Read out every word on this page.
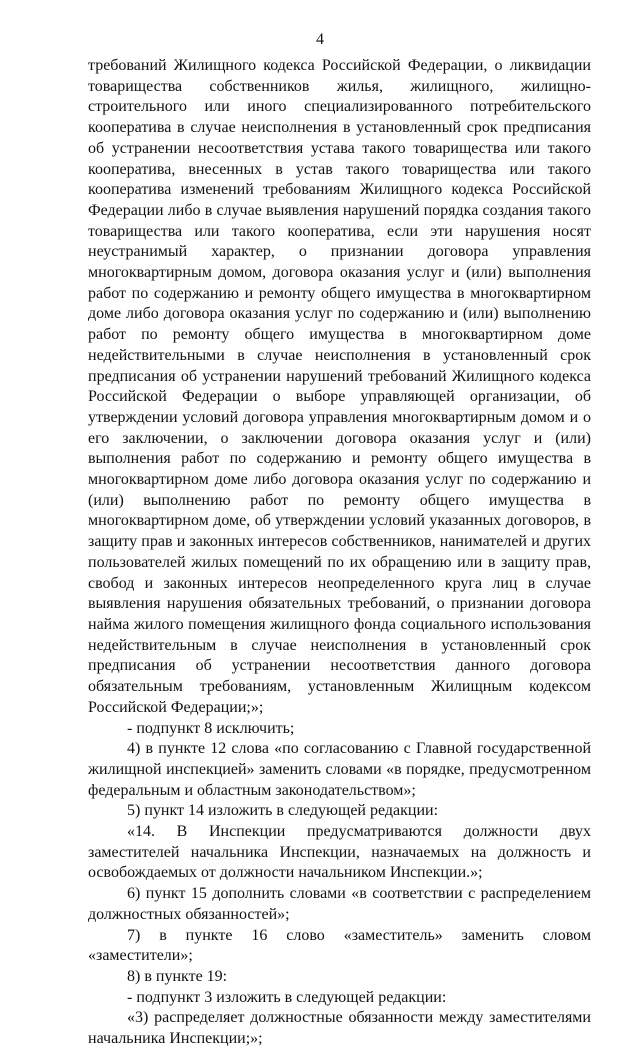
4

требований Жилищного кодекса Российской Федерации, о ликвидации товарищества собственников жилья, жилищного, жилищно-строительного или иного специализированного потребительского кооператива в случае неисполнения в установленный срок предписания об устранении несоответствия устава такого товарищества или такого кооператива, внесенных в устав такого товарищества или такого кооператива изменений требованиям Жилищного кодекса Российской Федерации либо в случае выявления нарушений порядка создания такого товарищества или такого кооператива, если эти нарушения носят неустранимый характер, о признании договора управления многоквартирным домом, договора оказания услуг и (или) выполнения работ по содержанию и ремонту общего имущества в многоквартирном доме либо договора оказания услуг по содержанию и (или) выполнению работ по ремонту общего имущества в многоквартирном доме недействительными в случае неисполнения в установленный срок предписания об устранении нарушений требований Жилищного кодекса Российской Федерации о выборе управляющей организации, об утверждении условий договора управления многоквартирным домом и о его заключении, о заключении договора оказания услуг и (или) выполнения работ по содержанию и ремонту общего имущества в многоквартирном доме либо договора оказания услуг по содержанию и (или) выполнению работ по ремонту общего имущества в многоквартирном доме, об утверждении условий указанных договоров, в защиту прав и законных интересов собственников, нанимателей и других пользователей жилых помещений по их обращению или в защиту прав, свобод и законных интересов неопределенного круга лиц в случае выявления нарушения обязательных требований, о признании договора найма жилого помещения жилищного фонда социального использования недействительным в случае неисполнения в установленный срок предписания об устранении несоответствия данного договора обязательным требованиям, установленным Жилищным кодексом Российской Федерации;»;

- подпункт 8 исключить;

4) в пункте 12 слова «по согласованию с Главной государственной жилищной инспекцией» заменить словами «в порядке, предусмотренном федеральным и областным законодательством»;

5) пункт 14 изложить в следующей редакции:

«14. В Инспекции предусматриваются должности двух заместителей начальника Инспекции, назначаемых на должность и освобождаемых от должности начальником Инспекции.»;

6) пункт 15 дополнить словами «в соответствии с распределением должностных обязанностей»;

7) в пункте 16 слово «заместитель» заменить словом «заместители»;

8) в пункте 19:

- подпункт 3 изложить в следующей редакции:

«3) распределяет должностные обязанности между заместителями начальника Инспекции;»;
